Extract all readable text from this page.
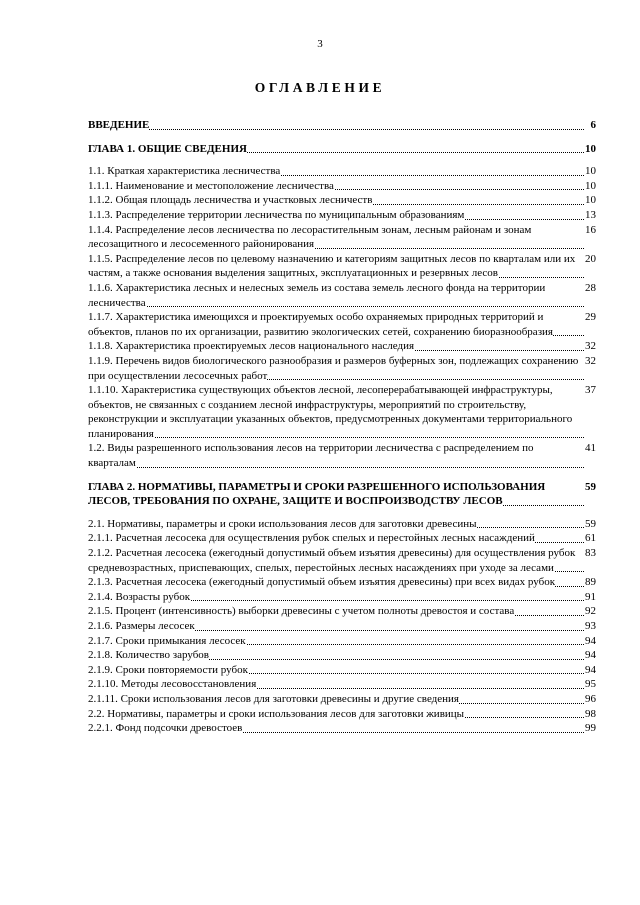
3
ОГЛАВЛЕНИЕ
6
ВВЕДЕНИЕ
10
ГЛАВА 1. ОБЩИЕ СВЕДЕНИЯ
10
1.1. Краткая характеристика лесничества
10
1.1.1. Наименование и местоположение лесничества
10
1.1.2. Общая площадь лесничества и участковых лесничеств
13
1.1.3. Распределение территории лесничества по муниципальным образованиям
16
1.1.4. Распределение лесов лесничества по лесорастительным зонам, лесным районам и зонам лесозащитного и лесосеменного районирования
20
1.1.5. Распределение лесов по целевому назначению и категориям защитных лесов по кварталам или их частям, а также основания выделения защитных, эксплуатационных и резервных лесов
28
1.1.6. Характеристика лесных и нелесных земель из состава земель лесного фонда на территории лесничества
29
1.1.7. Характеристика имеющихся и проектируемых особо охраняемых природных территорий и объектов, планов по их организации, развитию экологических сетей, сохранению биоразнообразия
32
1.1.8. Характеристика проектируемых лесов национального наследия
32
1.1.9. Перечень видов биологического разнообразия и размеров буферных зон, подлежащих сохранению при осуществлении лесосечных работ
37
1.1.10. Характеристика существующих объектов лесной, лесоперерабатывающей инфраструктуры, объектов, не связанных с созданием лесной инфраструктуры, мероприятий по строительству, реконструкции и эксплуатации указанных объектов, предусмотренных документами территориального планирования
41
1.2. Виды разрешенного использования лесов на территории лесничества с распределением по кварталам
59
ГЛАВА 2. НОРМАТИВЫ, ПАРАМЕТРЫ И СРОКИ РАЗРЕШЕННОГО ИСПОЛЬЗОВАНИЯ ЛЕСОВ, ТРЕБОВАНИЯ ПО ОХРАНЕ, ЗАЩИТЕ И ВОСПРОИЗВОДСТВУ ЛЕСОВ
59
2.1. Нормативы, параметры и сроки использования лесов для заготовки древесины
61
2.1.1. Расчетная лесосека для осуществления рубок спелых и перестойных лесных насаждений
83
2.1.2. Расчетная лесосека (ежегодный допустимый объем изъятия древесины) для осуществления рубок средневозрастных, приспевающих, спелых, перестойных лесных насаждениях при уходе за лесами
89
2.1.3. Расчетная лесосека (ежегодный допустимый объем изъятия древесины) при всех видах рубок
91
2.1.4. Возрасты рубок
92
2.1.5. Процент (интенсивность) выборки древесины с учетом полноты древостоя и состава
93
2.1.6. Размеры лесосек
94
2.1.7. Сроки примыкания лесосек
94
2.1.8. Количество зарубов
94
2.1.9. Сроки повторяемости рубок
95
2.1.10. Методы лесовосстановления
96
2.1.11. Сроки использования лесов для заготовки древесины и другие сведения
98
2.2. Нормативы, параметры и сроки использования лесов для заготовки живицы
99
2.2.1. Фонд подсочки древостоев
